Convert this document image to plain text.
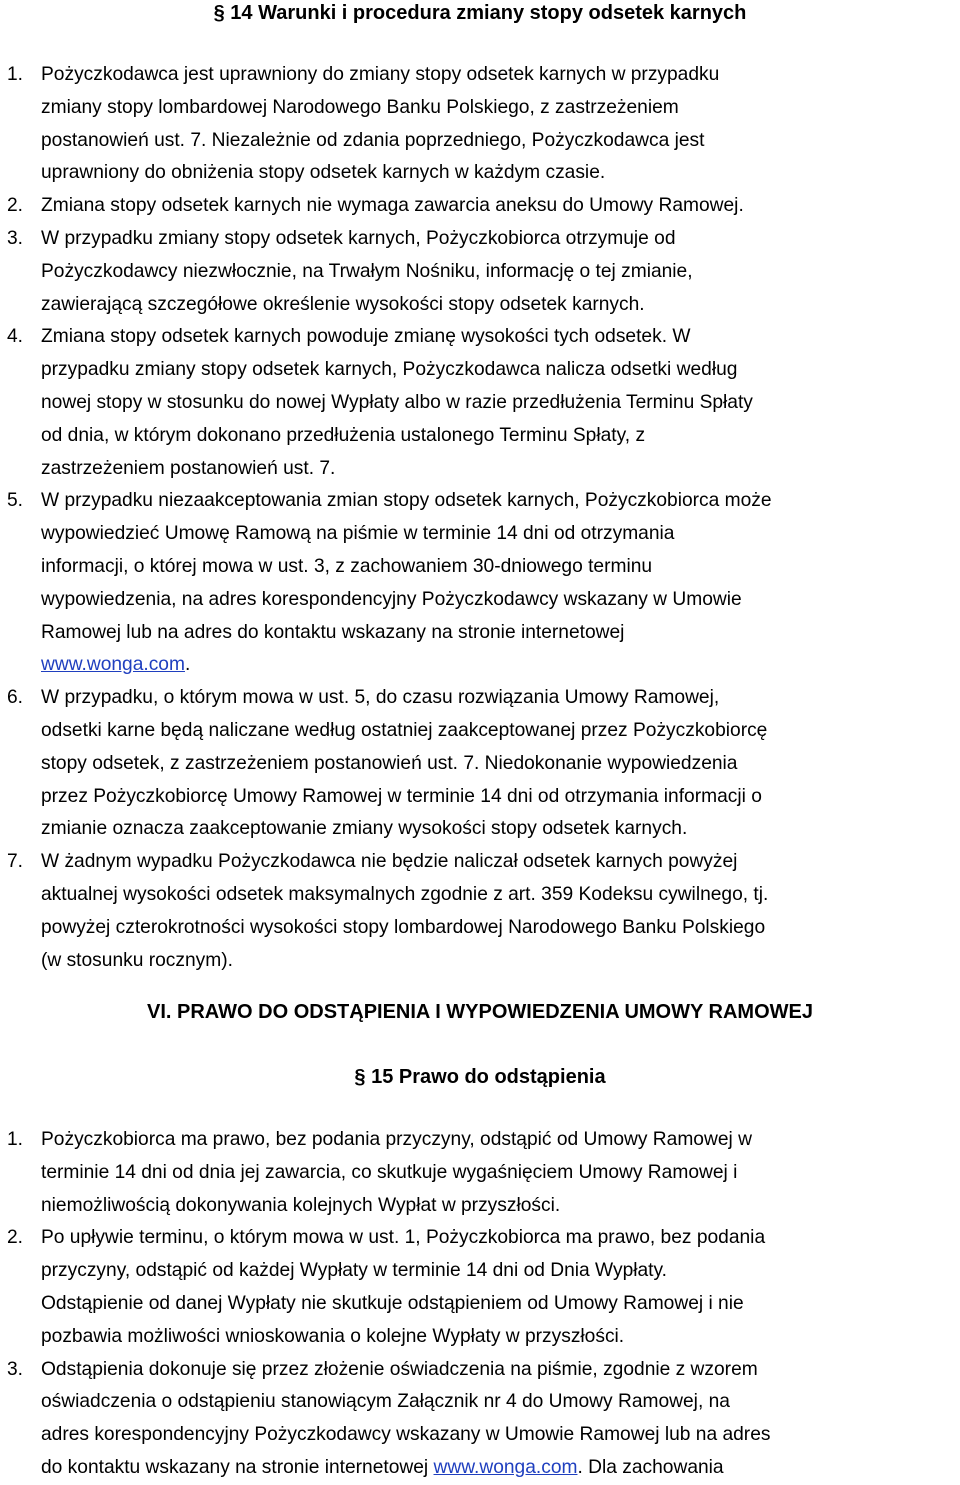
§ 14 Warunki i procedura zmiany stopy odsetek karnych
1. Pożyczkodawca jest uprawniony do zmiany stopy odsetek karnych w przypadku
zmiany stopy lombardowej Narodowego Banku Polskiego, z zastrzeżeniem
postanowień ust. 7. Niezależnie od zdania poprzedniego, Pożyczkodawca jest
uprawniony do obniżenia stopy odsetek karnych w każdym czasie.
2. Zmiana stopy odsetek karnych nie wymaga zawarcia aneksu do Umowy Ramowej.
3. W przypadku zmiany stopy odsetek karnych, Pożyczkobiorca otrzymuje od
Pożyczkodawcy niezwłocznie, na Trwałym Nośniku, informację o tej zmianie,
zawierającą szczegółowe określenie wysokości stopy odsetek karnych.
4. Zmiana stopy odsetek karnych powoduje zmianę wysokości tych odsetek. W
przypadku zmiany stopy odsetek karnych, Pożyczkodawca nalicza odsetki według
nowej stopy w stosunku do nowej Wypłaty albo w razie przedłużenia Terminu Spłaty
od dnia, w którym dokonano przedłużenia ustalonego Terminu Spłaty, z
zastrzeżeniem postanowień ust. 7.
5. W przypadku niezaakceptowania zmian stopy odsetek karnych, Pożyczkobiorca może
wypowiedzieć Umowę Ramową na piśmie w terminie 14 dni od otrzymania
informacji, o której mowa w ust. 3, z zachowaniem 30-dniowego terminu
wypowiedzenia, na adres korespondencyjny Pożyczkodawcy wskazany w Umowie
Ramowej lub na adres do kontaktu wskazany na stronie internetowej
www.wonga.com.
6. W przypadku, o którym mowa w ust. 5, do czasu rozwiązania Umowy Ramowej,
odsetki karne będą naliczane według ostatniej zaakceptowanej przez Pożyczkobiorcę
stopy odsetek, z zastrzeżeniem postanowień ust. 7. Niedokonanie wypowiedzenia
przez Pożyczkobiorcę Umowy Ramowej w terminie 14 dni od otrzymania informacji o
zmianie oznacza zaakceptowanie zmiany wysokości stopy odsetek karnych.
7. W żadnym wypadku Pożyczkodawca nie będzie naliczał odsetek karnych powyżej
aktualnej wysokości odsetek maksymalnych zgodnie z art. 359 Kodeksu cywilnego, tj.
powyżej czterokrotności wysokości stopy lombardowej Narodowego Banku Polskiego
(w stosunku rocznym).
VI. PRAWO DO ODSTĄPIENIA I WYPOWIEDZENIA UMOWY RAMOWEJ
§ 15 Prawo do odstąpienia
1. Pożyczkobiorca ma prawo, bez podania przyczyny, odstąpić od Umowy Ramowej w
terminie 14 dni od dnia jej zawarcia, co skutkuje wygaśnięciem Umowy Ramowej i
niemożliwością dokonywania kolejnych Wypłat w przyszłości.
2. Po upływie terminu, o którym mowa w ust. 1, Pożyczkobiorca ma prawo, bez podania
przyczyny, odstąpić od każdej Wypłaty w terminie 14 dni od Dnia Wypłaty.
Odstąpienie od danej Wypłaty nie skutkuje odstąpieniem od Umowy Ramowej i nie
pozbawia możliwości wnioskowania o kolejne Wypłaty w przyszłości.
3. Odstąpienia dokonuje się przez złożenie oświadczenia na piśmie, zgodnie z wzorem
oświadczenia o odstąpieniu stanowiącym Załącznik nr 4 do Umowy Ramowej, na
adres korespondencyjny Pożyczkodawcy wskazany w Umowie Ramowej lub na adres
do kontaktu wskazany na stronie internetowej www.wonga.com. Dla zachowania
